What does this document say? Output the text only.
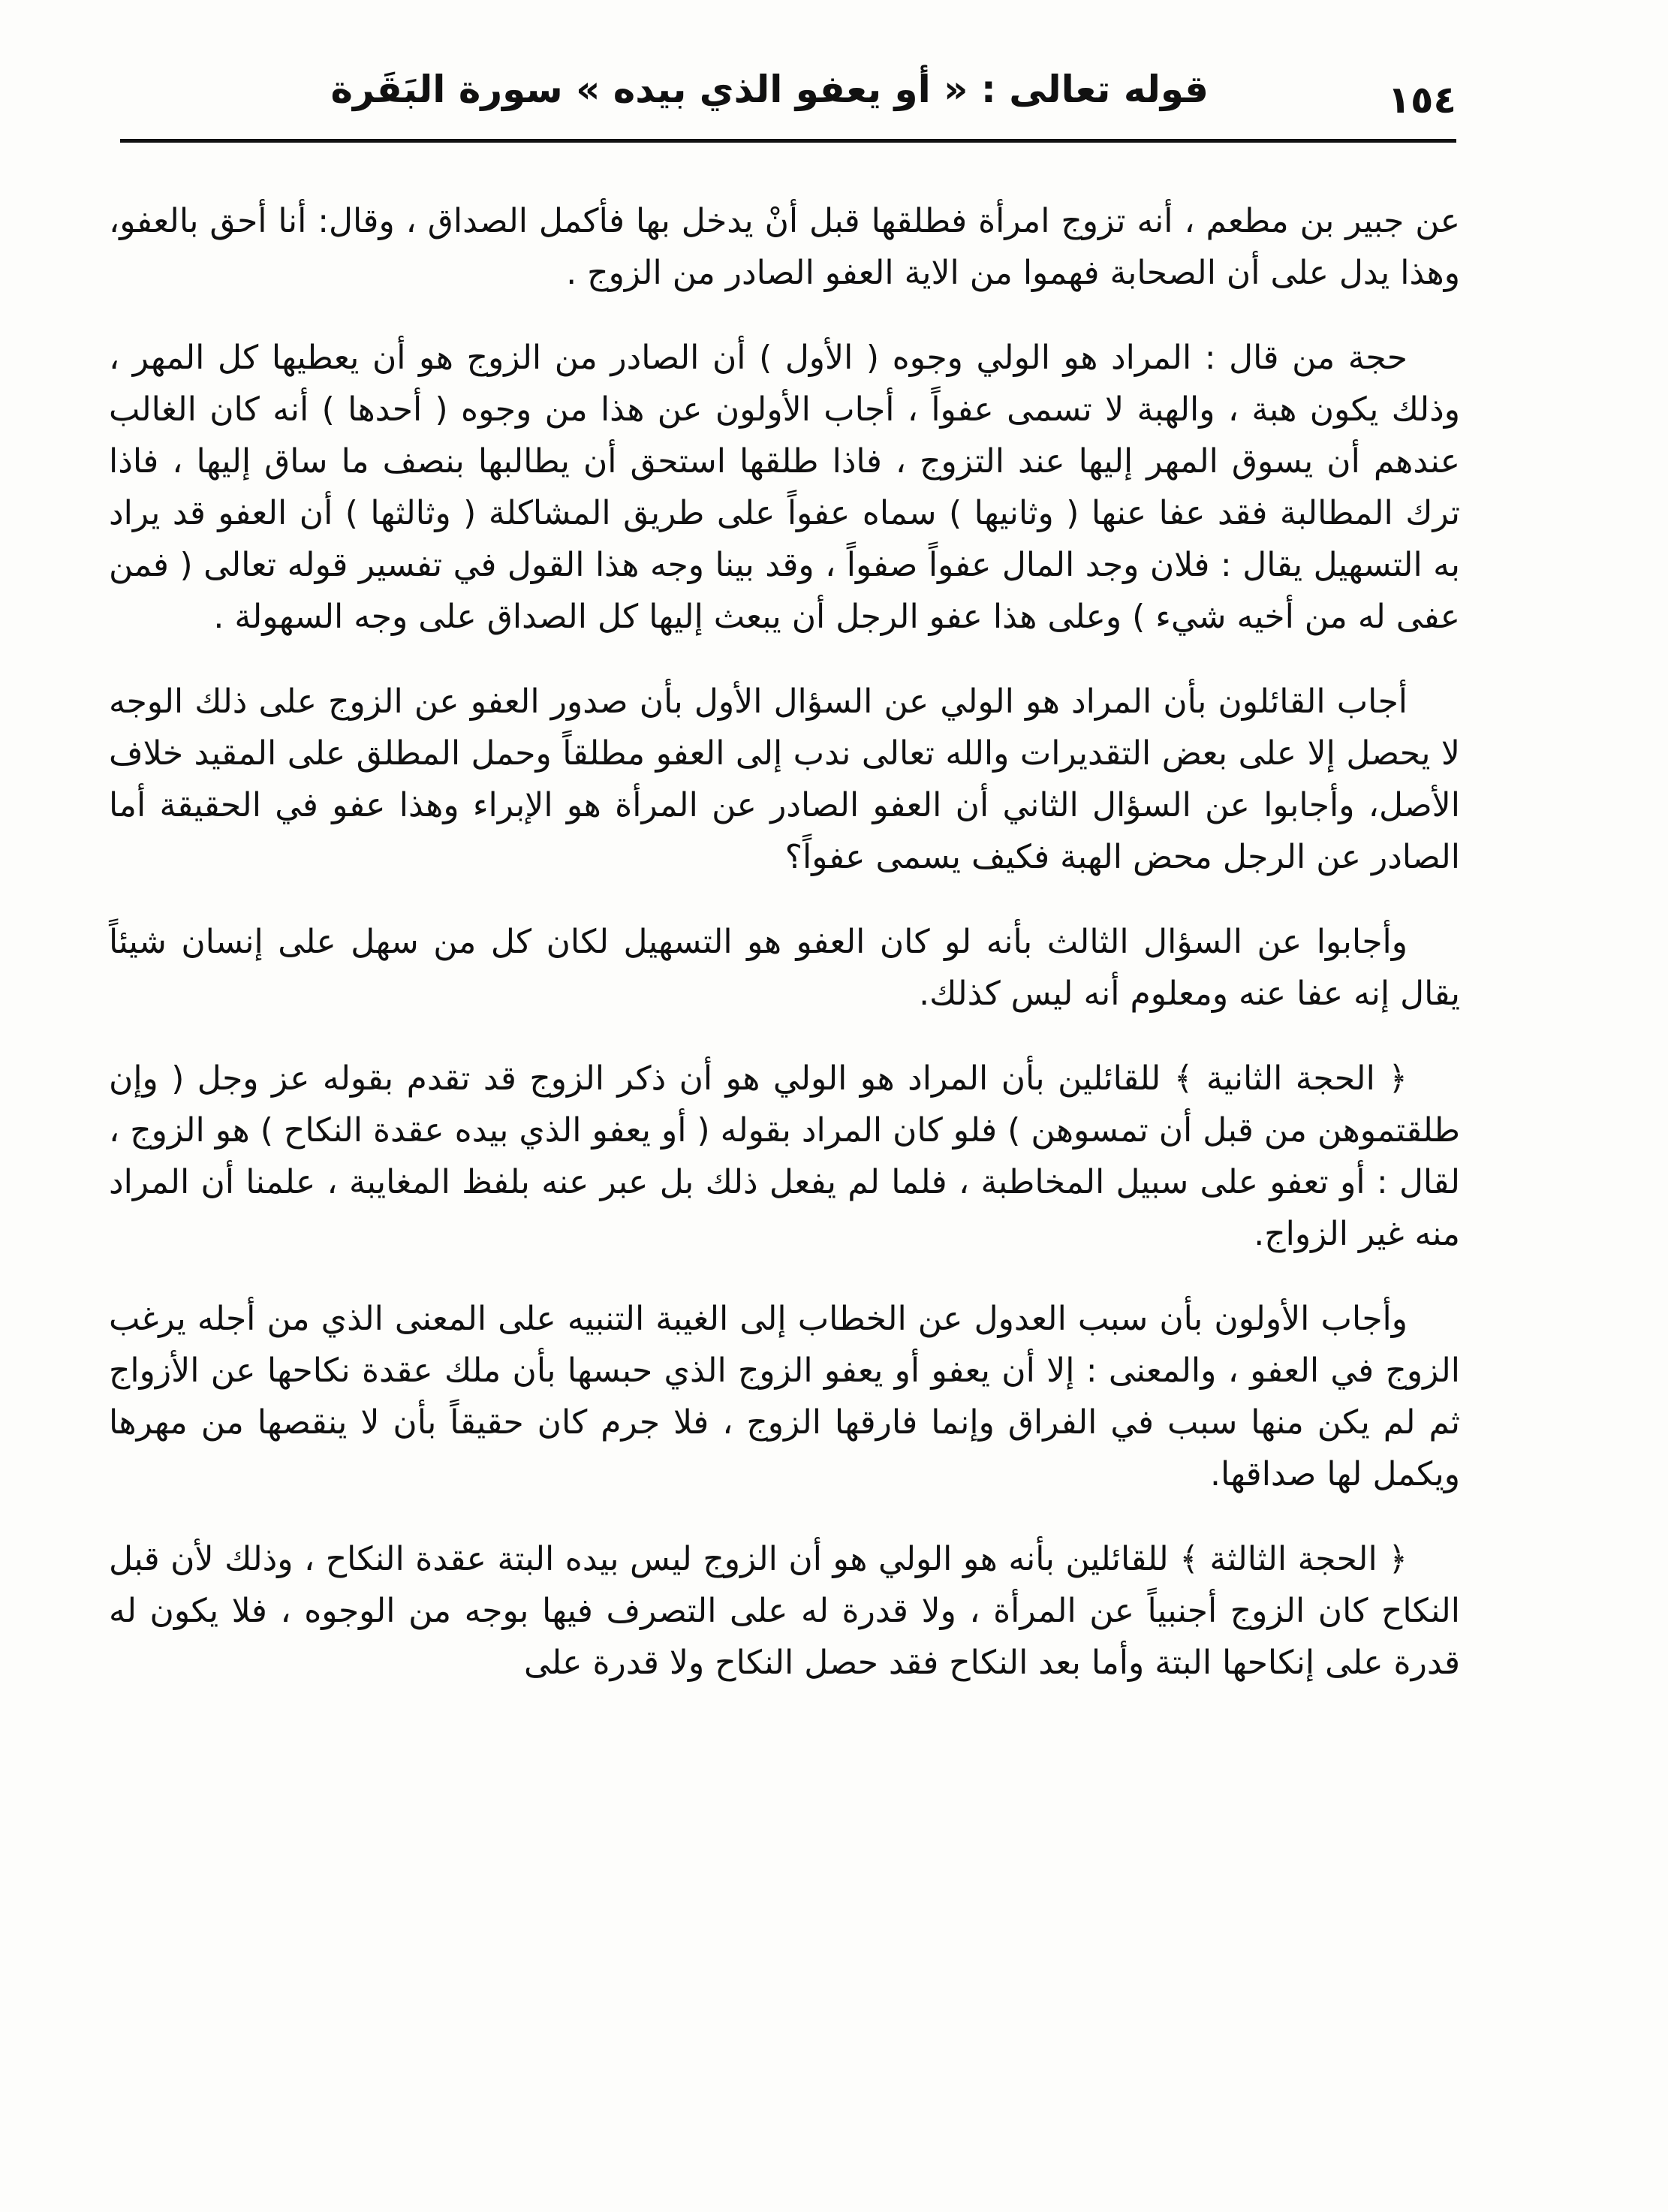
١٥٤
قوله تعالى : « أو يعفو الذي بيده » سورة البَقَرة

عن جبير بن مطعم ، أنه تزوج امرأة فطلقها قبل أنْ يدخل بها فأكمل الصداق ، وقال: أنا أحق بالعفو، وهذا يدل على أن الصحابة فهموا من الاية العفو الصادر من الزوج .

حجة من قال : المراد هو الولي وجوه ( الأول ) أن الصادر من الزوج هو أن يعطيها كل المهر ، وذلك يكون هبة ، والهبة لا تسمى عفواً ، أجاب الأولون عن هذا من وجوه ( أحدها ) أنه كان الغالب عندهم أن يسوق المهر إليها عند التزوج ، فاذا طلقها استحق أن يطالبها بنصف ما ساق إليها ، فاذا ترك المطالبة فقد عفا عنها ( وثانيها ) سماه عفواً على طريق المشاكلة ( وثالثها ) أن العفو قد يراد به التسهيل يقال : فلان وجد المال عفواً صفواً ، وقد بينا وجه هذا القول في تفسير قوله تعالى ( فمن عفى له من أخيه شيء ) وعلى هذا عفو الرجل أن يبعث إليها كل الصداق على وجه السهولة .

أجاب القائلون بأن المراد هو الولي عن السؤال الأول بأن صدور العفو عن الزوج على ذلك الوجه لا يحصل إلا على بعض التقديرات والله تعالى ندب إلى العفو مطلقاً وحمل المطلق على المقيد خلاف الأصل، وأجابوا عن السؤال الثاني أن العفو الصادر عن المرأة هو الإبراء وهذا عفو في الحقيقة أما الصادر عن الرجل محض الهبة فكيف يسمى عفواً؟

وأجابوا عن السؤال الثالث بأنه لو كان العفو هو التسهيل لكان كل من سهل على إنسان شيئاً يقال إنه عفا عنه ومعلوم أنه ليس كذلك.

﴿ الحجة الثانية ﴾ للقائلين بأن المراد هو الولي هو أن ذكر الزوج قد تقدم بقوله عز وجل ( وإن طلقتموهن من قبل أن تمسوهن ) فلو كان المراد بقوله ( أو يعفو الذي بيده عقدة النكاح ) هو الزوج ، لقال : أو تعفو على سبيل المخاطبة ، فلما لم يفعل ذلك بل عبر عنه بلفظ المغايبة ، علمنا أن المراد منه غير الزواج.

وأجاب الأولون بأن سبب العدول عن الخطاب إلى الغيبة التنبيه على المعنى الذي من أجله يرغب الزوج في العفو ، والمعنى : إلا أن يعفو أو يعفو الزوج الذي حبسها بأن ملك عقدة نكاحها عن الأزواج ثم لم يكن منها سبب في الفراق وإنما فارقها الزوج ، فلا جرم كان حقيقاً بأن لا ينقصها من مهرها ويكمل لها صداقها.

﴿ الحجة الثالثة ﴾ للقائلين بأنه هو الولي هو أن الزوج ليس بيده البتة عقدة النكاح ، وذلك لأن قبل النكاح كان الزوج أجنبياً عن المرأة ، ولا قدرة له على التصرف فيها بوجه من الوجوه ، فلا يكون له قدرة على إنكاحها البتة وأما بعد النكاح فقد حصل النكاح ولا قدرة على
